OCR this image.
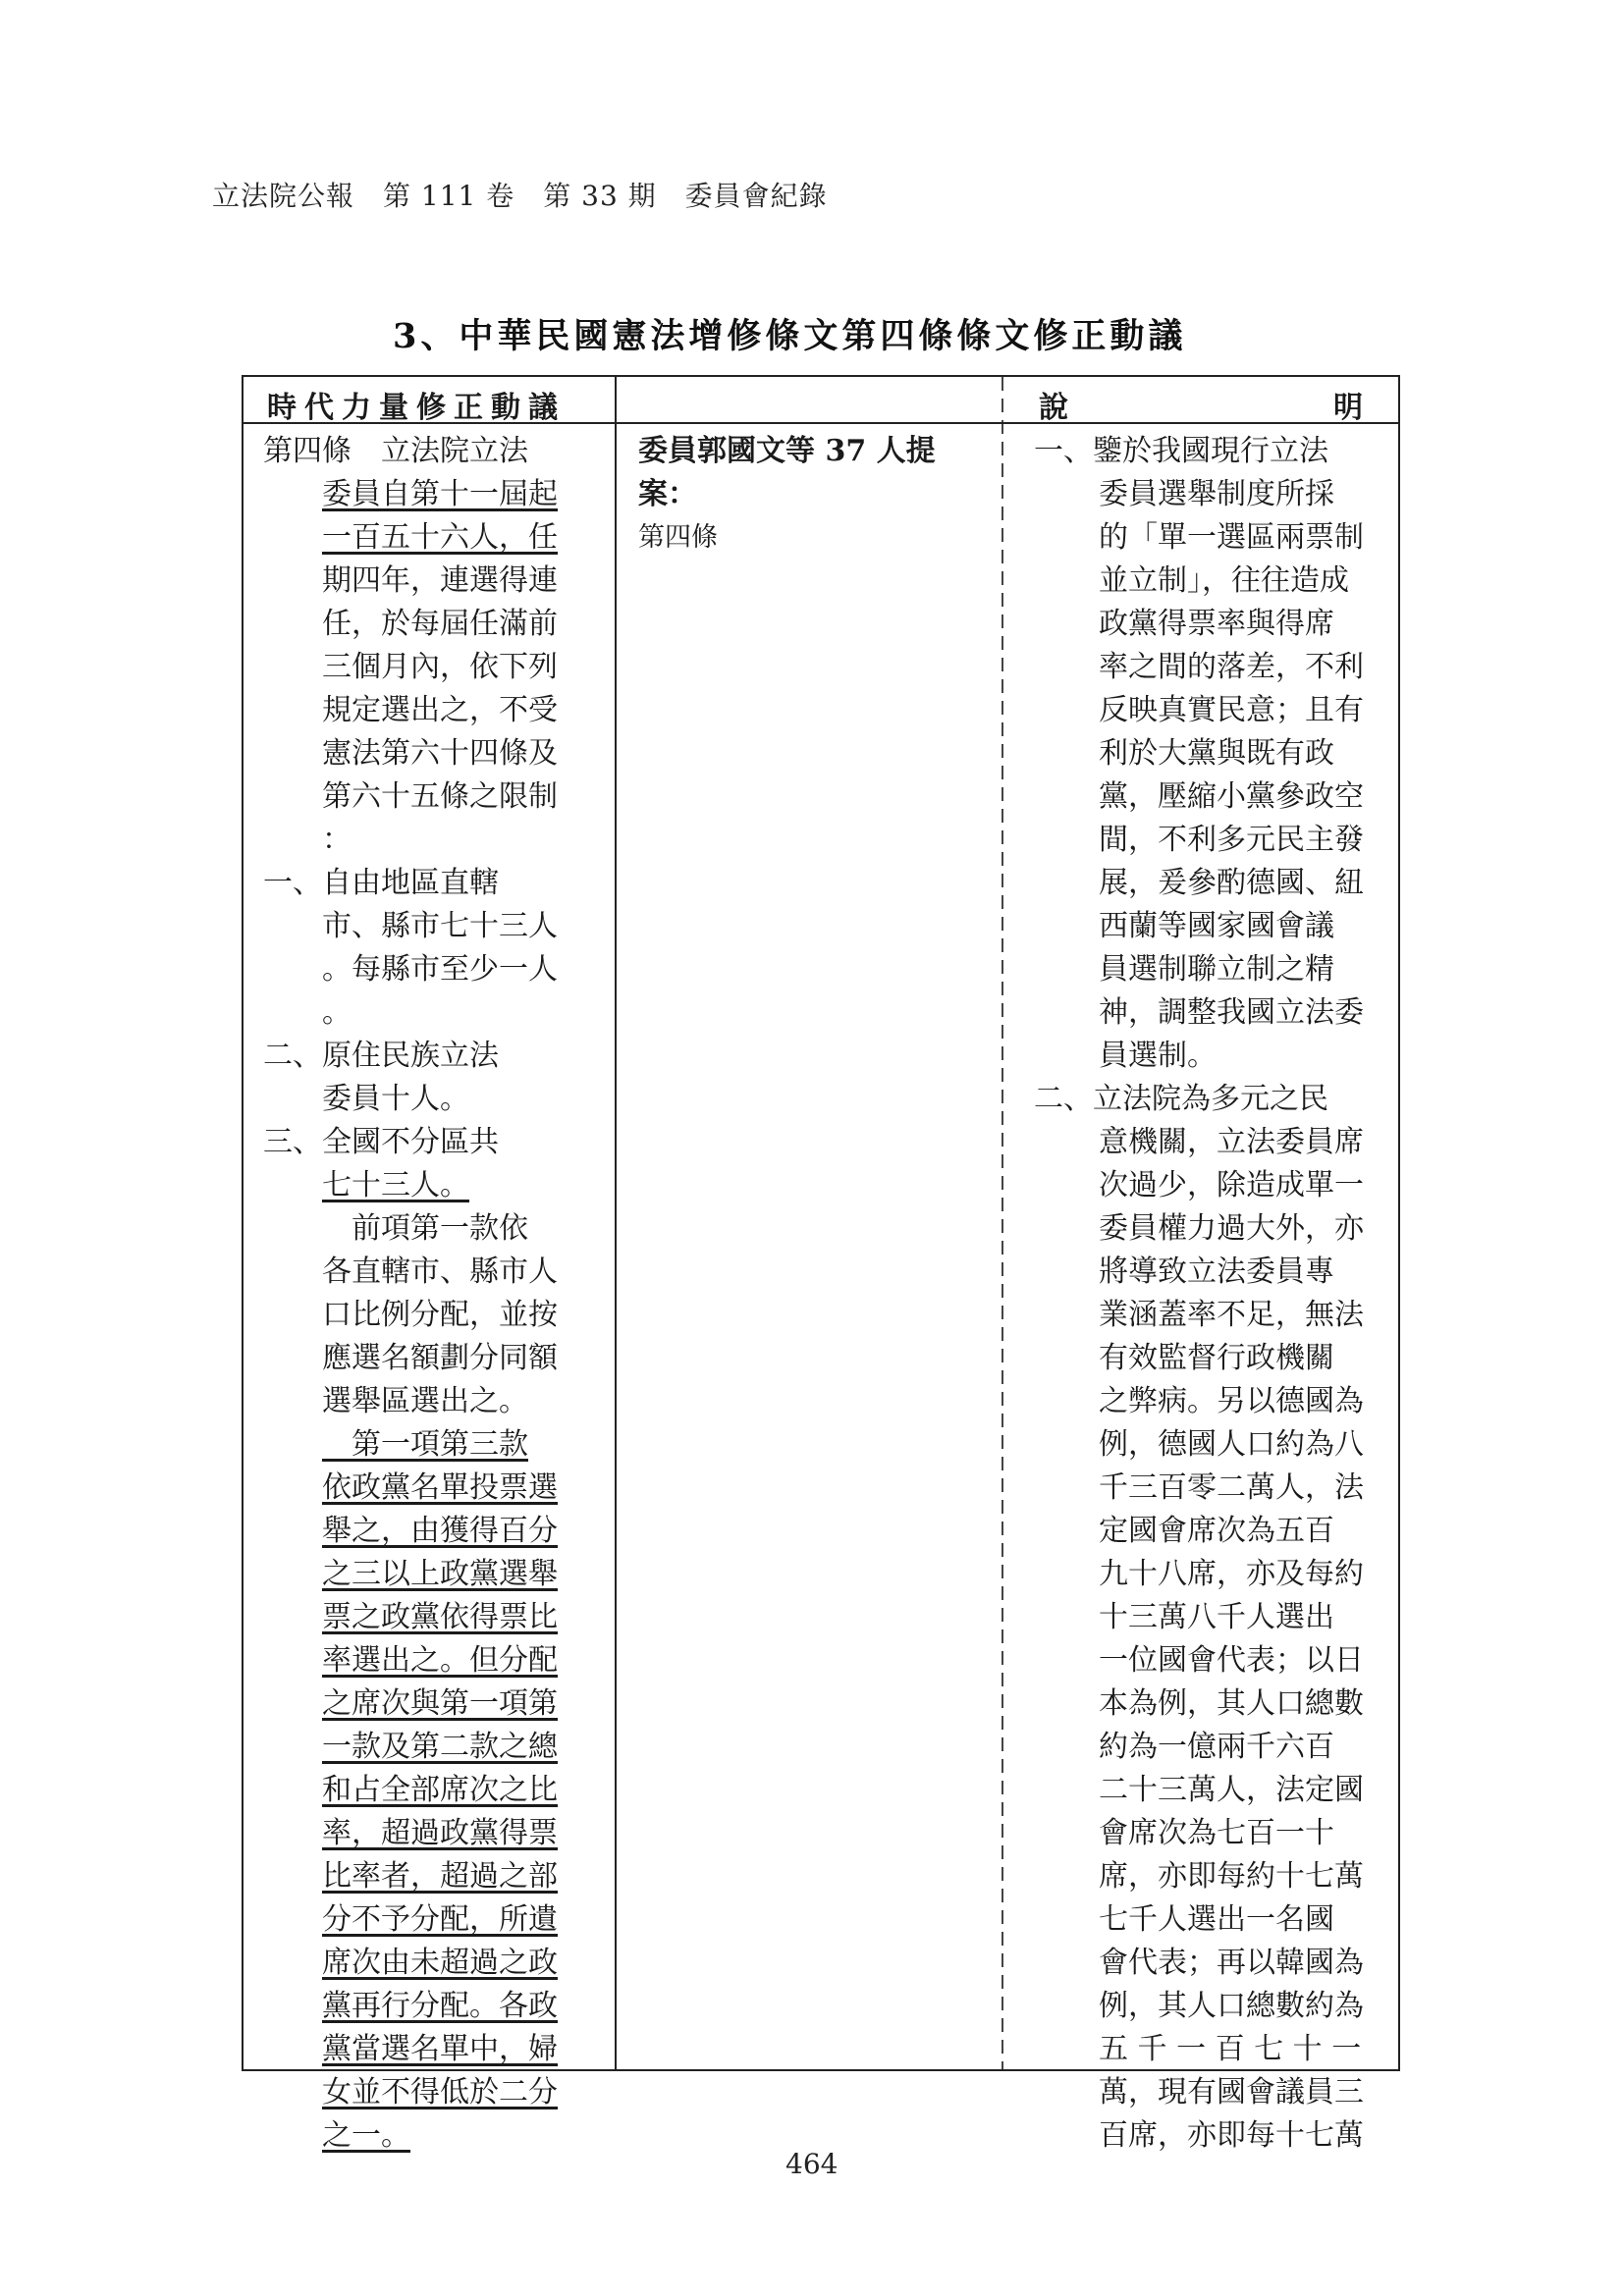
立法院公報　第 111 卷　第 33 期　委員會紀錄
3、中華民國憲法增修條文第四條條文修正動議
時代力量修正動議	說	明

第四條　立法院立法

委員自第十一屆起

一百五十六人，任

期四年，連選得連

任，於每屆任滿前

三個月內，依下列

規定選出之，不受

憲法第六十四條及

第六十五條之限制

：

一、自由地區直轄

市、縣市七十三人

。每縣市至少一人

。

二、原住民族立法

委員十人。

三、全國不分區共

七十三人。

　前項第一款依

各直轄市、縣市人

口比例分配，並按

應選名額劃分同額

選舉區選出之。

　第一項第三款

依政黨名單投票選

舉之，由獲得百分

之三以上政黨選舉

票之政黨依得票比

率選出之。但分配

之席次與第一項第

一款及第二款之總

和占全部席次之比

率，超過政黨得票

比率者，超過之部

分不予分配，所遺

席次由未超過之政

黨再行分配。各政

黨當選名單中，婦

女並不得低於二分

之一。

委員郭國文等 37 人提

案：

第四條

一、鑒於我國現行立法

委員選舉制度所採

的「單一選區兩票制

並立制」，往往造成

政黨得票率與得席

率之間的落差，不利

反映真實民意；且有

利於大黨與既有政

黨，壓縮小黨參政空

間，不利多元民主發

展，爰參酌德國、紐

西蘭等國家國會議

員選制聯立制之精

神，調整我國立法委

員選制。

二、立法院為多元之民

意機關，立法委員席

次過少，除造成單一

委員權力過大外，亦

將導致立法委員專

業涵蓋率不足，無法

有效監督行政機關

之弊病。另以德國為

例，德國人口約為八

千三百零二萬人，法

定國會席次為五百

九十八席，亦及每約

十三萬八千人選出

一位國會代表；以日

本為例，其人口總數

約為一億兩千六百

二十三萬人，法定國

會席次為七百一十

席，亦即每約十七萬

七千人選出一名國

會代表；再以韓國為

例，其人口總數約為

五 千 一 百 七 十 一

萬，現有國會議員三

百席，亦即每十七萬

464
